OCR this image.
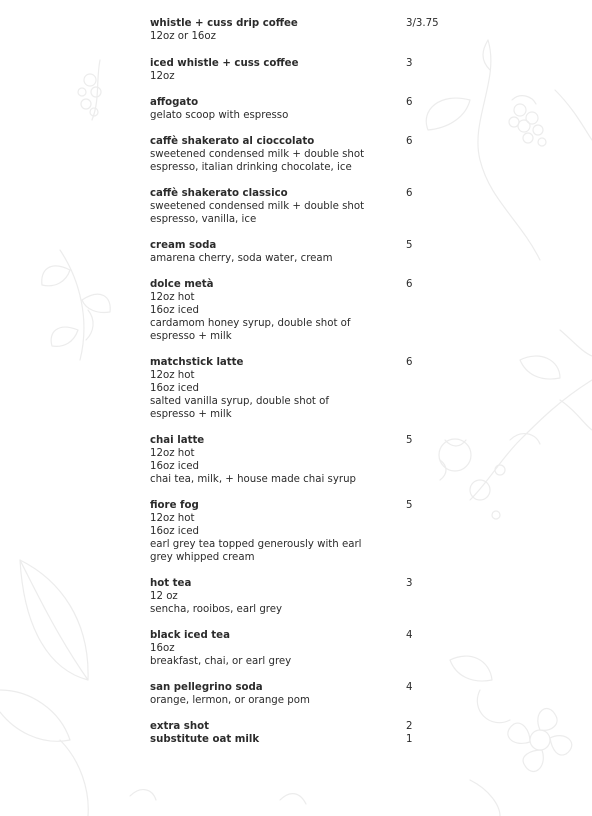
whistle + cuss drip coffee
12oz or 16oz
3/3.75
iced whistle + cuss coffee
12oz
3
affogato
gelato scoop with espresso
6
caffè shakerato al cioccolato
sweetened condensed milk + double shot
espresso, italian drinking chocolate, ice
6
caffè shakerato classico
sweetened condensed milk + double shot
espresso, vanilla, ice
6
cream soda
amarena cherry, soda water, cream
5
dolce metà
12oz hot
16oz iced
cardamom honey syrup, double shot of
espresso + milk
6
matchstick latte
12oz hot
16oz iced
salted vanilla syrup, double shot of
espresso + milk
6
chai latte
12oz hot
16oz iced
chai tea, milk, + house made chai syrup
5
fiore fog
12oz hot
16oz iced
earl grey tea topped generously with earl
grey whipped cream
5
hot tea
12 oz
sencha, rooibos, earl grey
3
black iced tea
16oz
breakfast, chai, or earl grey
4
san pellegrino soda
orange, lermon, or orange pom
4
extra shot	2
substitute oat milk	1
